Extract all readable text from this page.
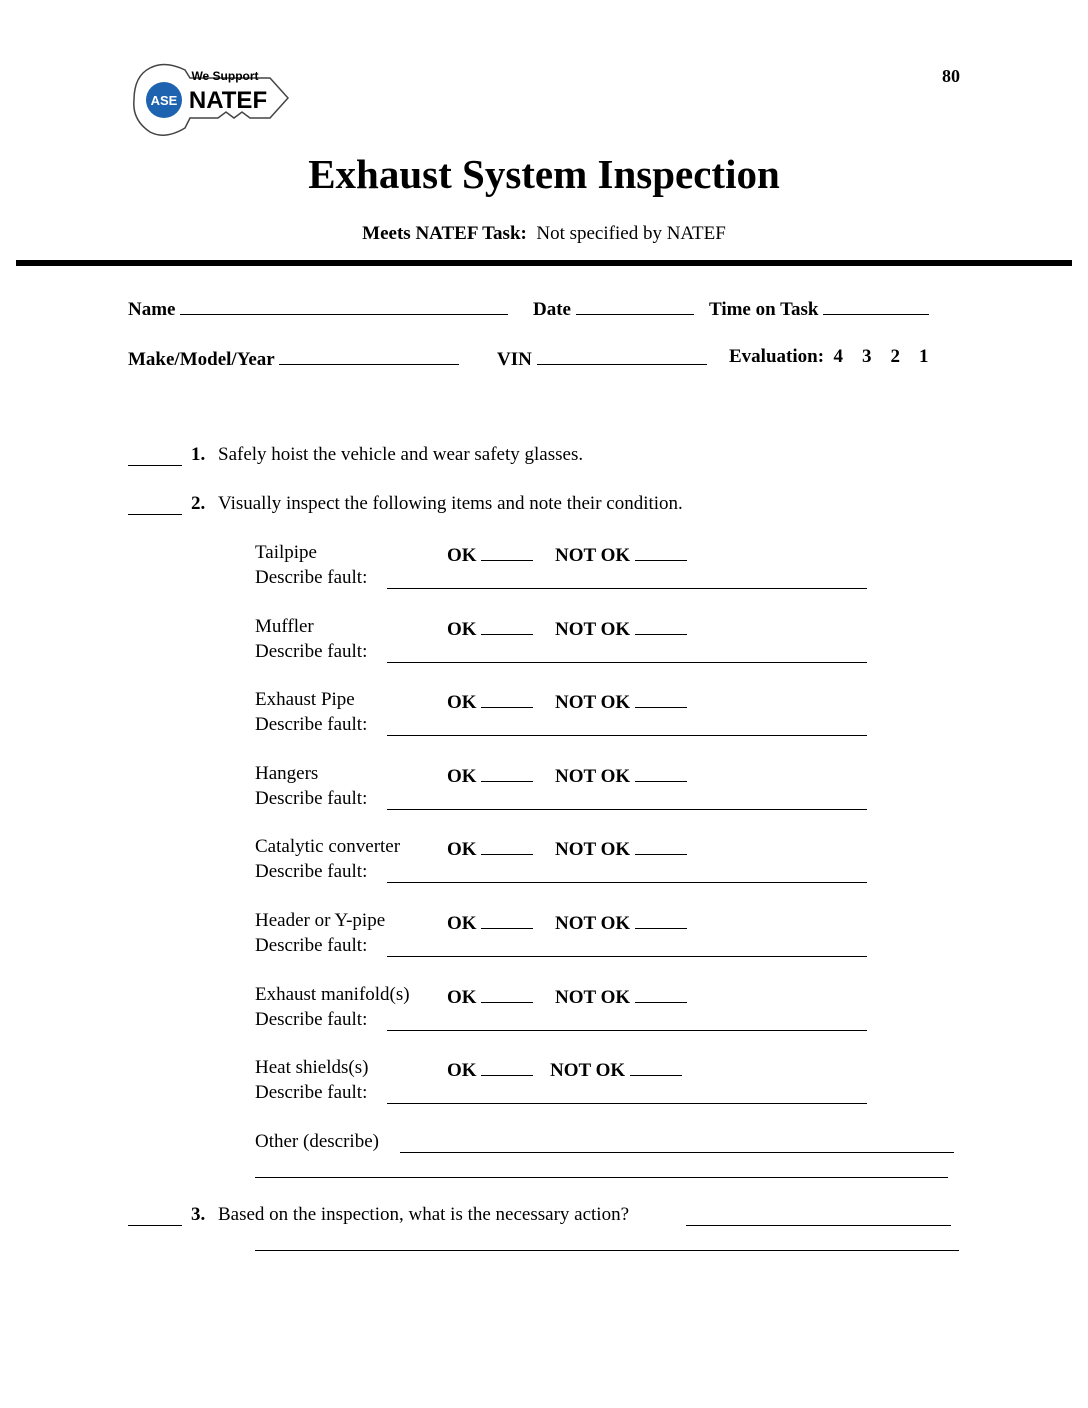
ASE
We Support
NATEF
80
Exhaust System Inspection
Meets NATEF Task: Not specified by NATEF
Name	Date	Time on Task
Make/Model/Year	VIN	Evaluation: 4 3 2 1
1. Safely hoist the vehicle and wear safety glasses.
2. Visually inspect the following items and note their condition.
Tailpipe	OK	NOT OK
Describe fault:
Muffler	OK	NOT OK
Describe fault:
Exhaust Pipe	OK	NOT OK
Describe fault:
Hangers	OK	NOT OK
Describe fault:
Catalytic converter OK	NOT OK
Describe fault:
Header or Y-pipe	OK	NOT OK
Describe fault:
Exhaust manifold(s) OK	NOT OK
Describe fault:
Heat shields(s)	OK	NOT OK
Describe fault:
Other (describe)
3. Based on the inspection, what is the necessary action?
